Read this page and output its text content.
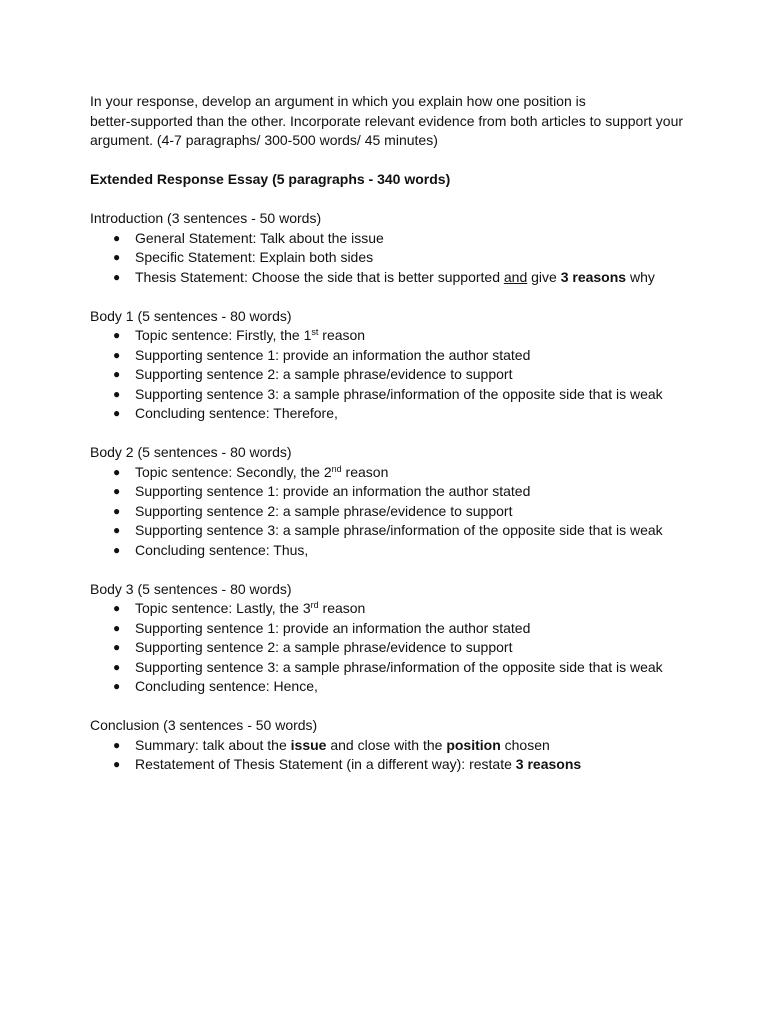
In your response, develop an argument in which you explain how one position is
better-supported than the other. Incorporate relevant evidence from both articles to support your
argument. (4-7 paragraphs/ 300-500 words/ 45 minutes)
Extended Response Essay (5 paragraphs - 340 words)
Introduction (3 sentences - 50 words)
● General Statement: Talk about the issue
● Specific Statement: Explain both sides
● Thesis Statement: Choose the side that is better supported and give 3 reasons why
Body 1 (5 sentences - 80 words)
● Topic sentence: Firstly, the 1st reason
● Supporting sentence 1: provide an information the author stated
● Supporting sentence 2: a sample phrase/evidence to support
● Supporting sentence 3: a sample phrase/information of the opposite side that is weak
● Concluding sentence: Therefore,
Body 2 (5 sentences - 80 words)
● Topic sentence: Secondly, the 2nd reason
● Supporting sentence 1: provide an information the author stated
● Supporting sentence 2: a sample phrase/evidence to support
● Supporting sentence 3: a sample phrase/information of the opposite side that is weak
● Concluding sentence: Thus,
Body 3 (5 sentences - 80 words)
● Topic sentence: Lastly, the 3rd reason
● Supporting sentence 1: provide an information the author stated
● Supporting sentence 2: a sample phrase/evidence to support
● Supporting sentence 3: a sample phrase/information of the opposite side that is weak
● Concluding sentence: Hence,
Conclusion (3 sentences - 50 words)
● Summary: talk about the issue and close with the position chosen
● Restatement of Thesis Statement (in a different way): restate 3 reasons
